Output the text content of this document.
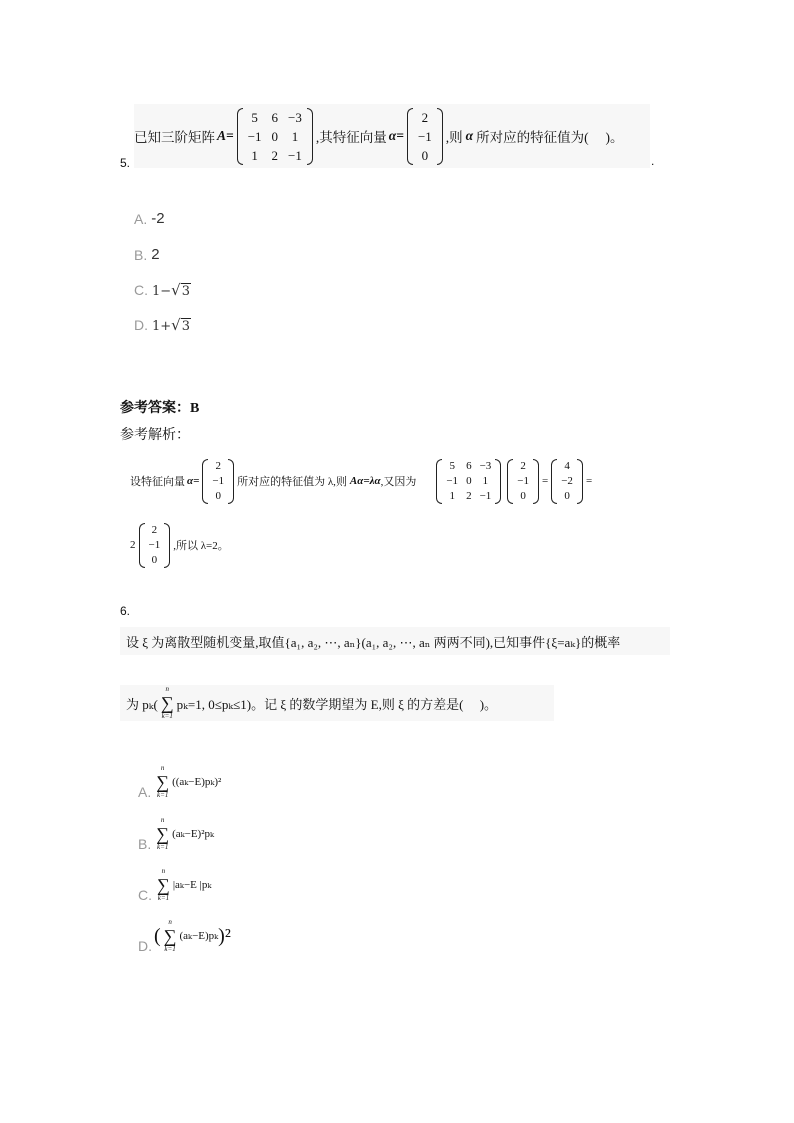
5.
已知三阶矩阵 A=
5	6	−3
−1	0	1
1	2	−1
,其特征向量 α=
2
−1
0
,则 α 所对应的特征值为(　 )。
.
A. -2
B. 2
C. 1− √ 3
D. 1+ √ 3
参考答案：B
参考解析：
设特征向量 α=
2
−1
0
所对应的特征值为 λ,则 Aα=λα ,又因为
5	6	−3
−1	0	1
1	2	−1
2
−1
0
=
4
−2
0
=
2
2
−1
0
,所以 λ=2。
6.
设 ξ 为离散型随机变量,取值{a₁, a₂, ⋯, aₙ}(a₁, a₂, ⋯, aₙ 两两不同),已知事件{ξ=aₖ}的概率
为 pₖ(
n
∑
k=1
pₖ=1, 0≤pₖ≤1)。记 ξ 的数学期望为 E,则 ξ 的方差是(　 )。
A.
n
∑
k=1
((aₖ−E)pₖ)²
B.
n
∑
k=1
(aₖ−E)²pₖ
C.
n
∑
k=1
|aₖ−E |pₖ
D. (
n
∑
k=1
(aₖ−E)pₖ )²
